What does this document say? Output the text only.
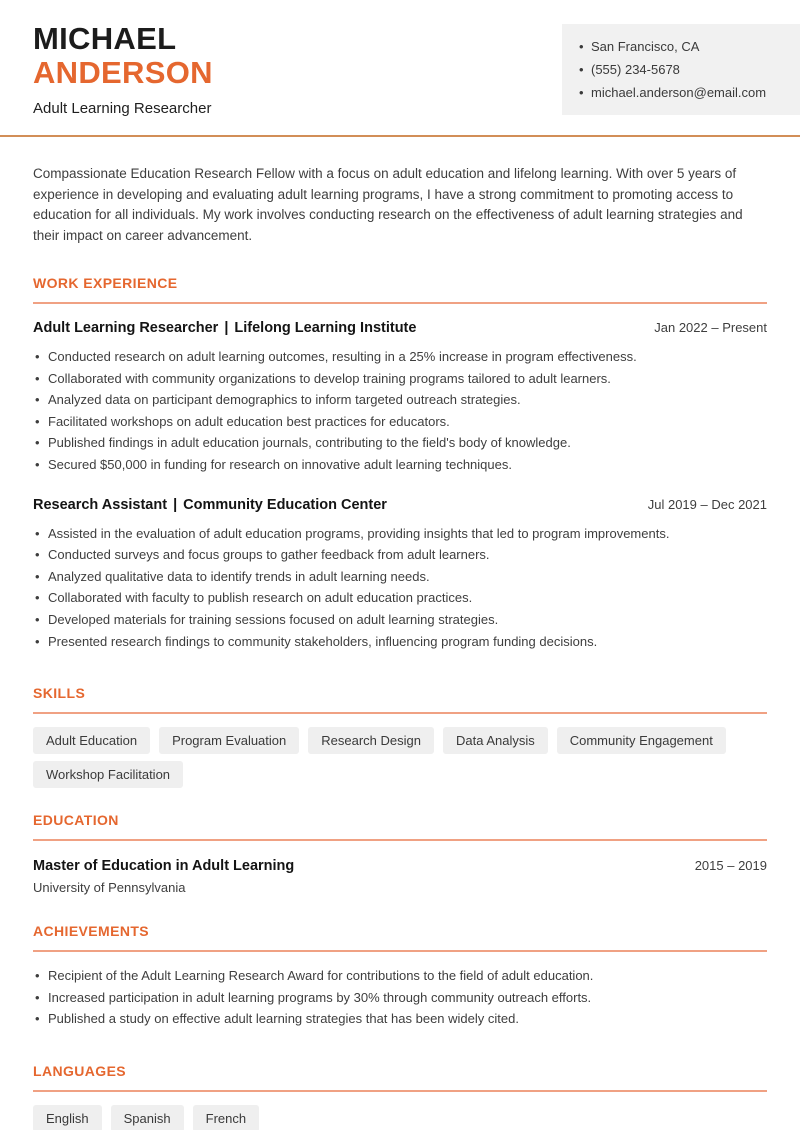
MICHAEL
ANDERSON
Adult Learning Researcher
• San Francisco, CA
• (555) 234-5678
• michael.anderson@email.com

Compassionate Education Research Fellow with a focus on adult education and lifelong learning. With over 5 years of experience in developing and evaluating adult learning programs, I have a strong commitment to promoting access to education for all individuals. My work involves conducting research on the effectiveness of adult learning strategies and their impact on career advancement.

WORK EXPERIENCE
Adult Learning Researcher | Lifelong Learning Institute	Jan 2022 – Present
• Conducted research on adult learning outcomes, resulting in a 25% increase in program effectiveness.
• Collaborated with community organizations to develop training programs tailored to adult learners.
• Analyzed data on participant demographics to inform targeted outreach strategies.
• Facilitated workshops on adult education best practices for educators.
• Published findings in adult education journals, contributing to the field's body of knowledge.
• Secured $50,000 in funding for research on innovative adult learning techniques.
Research Assistant | Community Education Center	Jul 2019 – Dec 2021
• Assisted in the evaluation of adult education programs, providing insights that led to program improvements.
• Conducted surveys and focus groups to gather feedback from adult learners.
• Analyzed qualitative data to identify trends in adult learning needs.
• Collaborated with faculty to publish research on adult education practices.
• Developed materials for training sessions focused on adult learning strategies.
• Presented research findings to community stakeholders, influencing program funding decisions.
SKILLS
Adult Education	Program Evaluation	Research Design	Data Analysis	Community Engagement
Workshop Facilitation
EDUCATION
Master of Education in Adult Learning	2015 – 2019
University of Pennsylvania
ACHIEVEMENTS
• Recipient of the Adult Learning Research Award for contributions to the field of adult education.
• Increased participation in adult learning programs by 30% through community outreach efforts.
• Published a study on effective adult learning strategies that has been widely cited.
LANGUAGES
English	Spanish	French
